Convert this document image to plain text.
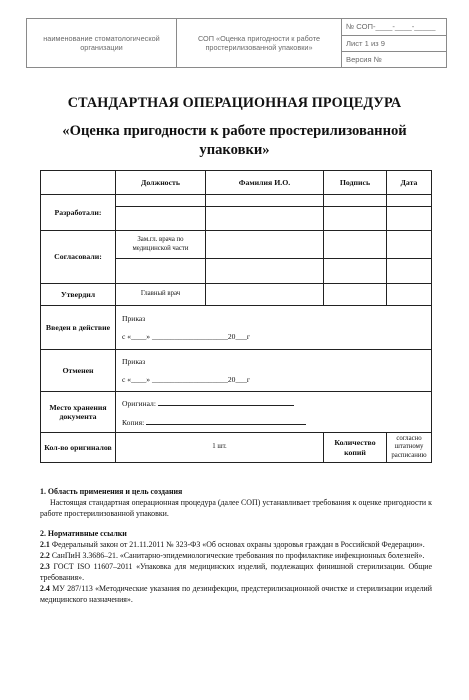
наименование стоматологической организации	СОП «Оценка пригодности к работе простерилизованной упаковки»	№ СОП-____-____-_____
Лист 1 из 9
Версия №
СТАНДАРТНАЯ ОПЕРАЦИОННАЯ ПРОЦЕДУРА
«Оценка пригодности к работе простерилизованной упаковки»
	Должность	Фамилия И.О.	Подпись	Дата
Разработали:				

Согласовали:	Зам.гл. врача по медицинской части			

Утвердил	Главный врач			
Введен в действие	Приказ
с «____» ____________________20___г			

Отменен	Приказ
с «____» ____________________20___г			

Место хранения документа	Оригинал:
Копия:			

Кол-во оригиналов	1 шт.		Количество копий	согласно штатному расписанию

1. Область применения и цель создания

Настоящая стандартная операционная процедура (далее СОП) устанавливает требования к оценке пригодности к работе простерилизованной упаковки.

2. Нормативные ссылки

2.1 Федеральный закон от 21.11.2011 № 323-ФЗ «Об основах охраны здоровья граждан в Российской Федерации».

2.2 СанПиН 3.3686–21. «Санитарно-эпидемиологические требования по профилактике инфекционных болезней».

2.3 ГОСТ ISO 11607–2011 «Упаковка для медицинских изделий, подлежащих финишной стерилизации. Общие требования».

2.4 МУ 287/113 «Методические указания по дезинфекции, предстерилизационной очистке и стерилизации изделий медицинского назначения».
